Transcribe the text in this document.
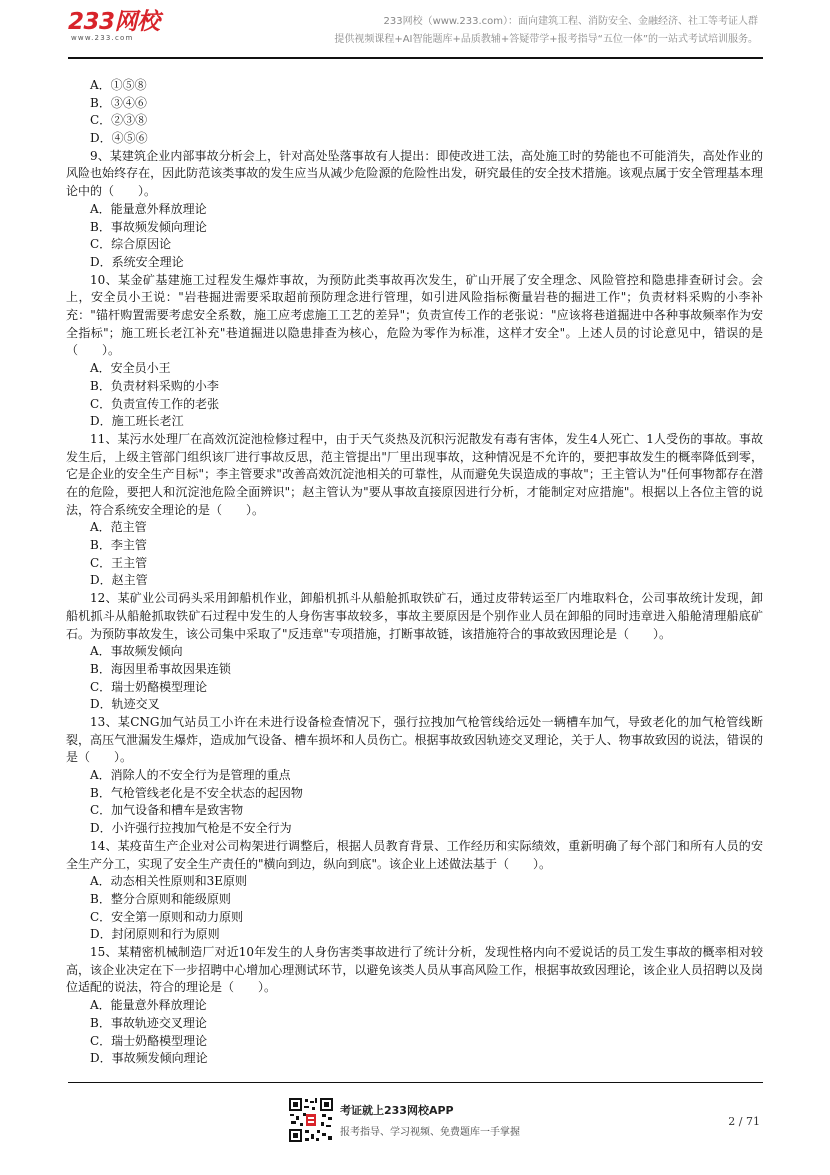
233网校
www.233.com
233网校（www.233.com）：面向建筑工程、消防安全、金融经济、社工等考证人群
提供视频课程+AI智能题库+品质教辅+答疑带学+报考指导“五位一体”的一站式考试培训服务。
A．①⑤⑧
B．③④⑥
C．②③⑧
D．④⑤⑥

9、某建筑企业内部事故分析会上，针对高处坠落事故有人提出：即使改进工法，高处施工时的势能也不可能消失，高处作业的风险也始终存在，因此防范该类事故的发生应当从减少危险源的危险性出发，研究最佳的安全技术措施。该观点属于安全管理基本理论中的（　　）。

A．能量意外释放理论
B．事故频发倾向理论
C．综合原因论
D．系统安全理论

10、某金矿基建施工过程发生爆炸事故，为预防此类事故再次发生，矿山开展了安全理念、风险管控和隐患排查研讨会。会上，安全员小王说："岩巷掘进需要采取超前预防理念进行管理，如引进风险指标衡量岩巷的掘进工作"；负责材料采购的小李补充："锚杆购置需要考虑安全系数，施工应考虑施工工艺的差异"；负责宣传工作的老张说："应该将巷道掘进中各种事故频率作为安全指标"；施工班长老江补充"巷道掘进以隐患排查为核心，危险为零作为标准，这样才安全"。上述人员的讨论意见中，错误的是（　　）。

A．安全员小王
B．负责材料采购的小李
C．负责宣传工作的老张
D．施工班长老江

11、某污水处理厂在高效沉淀池检修过程中，由于天气炎热及沉积污泥散发有毒有害体，发生4人死亡、1人受伤的事故。事故发生后，上级主管部门组织该厂进行事故反思，范主管提出"厂里出现事故，这种情况是不允许的，要把事故发生的概率降低到零，它是企业的安全生产目标"；李主管要求"改善高效沉淀池相关的可靠性，从而避免失误造成的事故"；王主管认为"任何事物都存在潜在的危险，要把人和沉淀池危险全面辨识"；赵主管认为"要从事故直接原因进行分析，才能制定对应措施"。根据以上各位主管的说法，符合系统安全理论的是（　　）。

A．范主管
B．李主管
C．王主管
D．赵主管

12、某矿业公司码头采用卸船机作业，卸船机抓斗从船舱抓取铁矿石，通过皮带转运至厂内堆取料仓，公司事故统计发现，卸船机抓斗从船舱抓取铁矿石过程中发生的人身伤害事故较多，事故主要原因是个别作业人员在卸船的同时违章进入船舱清理船底矿石。为预防事故发生，该公司集中采取了"反违章"专项措施，打断事故链，该措施符合的事故致因理论是（　　）。

A．事故频发倾向
B．海因里希事故因果连锁
C．瑞士奶酪模型理论
D．轨迹交叉

13、某CNG加气站员工小许在未进行设备检查情况下，强行拉拽加气枪管线给远处一辆槽车加气，导致老化的加气枪管线断裂，高压气泄漏发生爆炸，造成加气设备、槽车损坏和人员伤亡。根据事故致因轨迹交叉理论，关于人、物事故致因的说法，错误的是（　　）。

A．消除人的不安全行为是管理的重点
B．气枪管线老化是不安全状态的起因物
C．加气设备和槽车是致害物
D．小许强行拉拽加气枪是不安全行为

14、某疫苗生产企业对公司构架进行调整后，根据人员教育背景、工作经历和实际绩效，重新明确了每个部门和所有人员的安全生产分工，实现了安全生产责任的"横向到边，纵向到底"。该企业上述做法基于（　　）。

A．动态相关性原则和3E原则
B．整分合原则和能级原则
C．安全第一原则和动力原则
D．封闭原则和行为原则

15、某精密机械制造厂对近10年发生的人身伤害类事故进行了统计分析，发现性格内向不爱说话的员工发生事故的概率相对较高，该企业决定在下一步招聘中心增加心理测试环节，以避免该类人员从事高风险工作，根据事故致因理论，该企业人员招聘以及岗位适配的说法，符合的理论是（　　）。

A．能量意外释放理论
B．事故轨迹交叉理论
C．瑞士奶酪模型理论
D．事故频发倾向理论
考证就上233网校APP
报考指导、学习视频、免费题库一手掌握
2 / 71
